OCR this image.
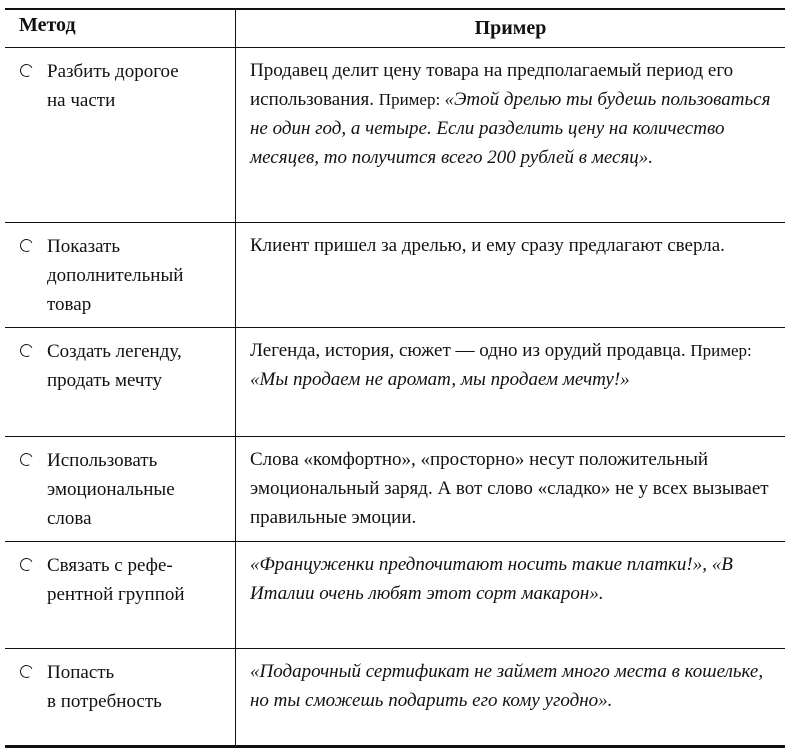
Метод	Пример
Разбить дорогое
на части
Продавец делит цену товара на предполагаемый период его использования. Пример: «Этой дрелью ты будешь пользоваться не один год, а четыре. Если разделить цену на количество месяцев, то получится всего 200 рублей в месяц».
Показать
дополнительный
товар
Клиент пришел за дрелью, и ему сразу предлагают сверла.
Создать легенду,
продать мечту
Легенда, история, сюжет — одно из орудий продавца. Пример: «Мы продаем не аромат, мы продаем мечту!»
Использовать
эмоциональные
слова
Слова «комфортно», «просторно» несут положительный эмоциональный заряд. А вот слово «сладко» не у всех вызывает правильные эмоции.
Связать с рефе-
рентной группой
«Француженки предпочитают носить такие платки!», «В Италии очень любят этот сорт макарон».
Попасть
в потребность
«Подарочный сертификат не займет много места в кошельке, но ты сможешь подарить его кому угодно».
